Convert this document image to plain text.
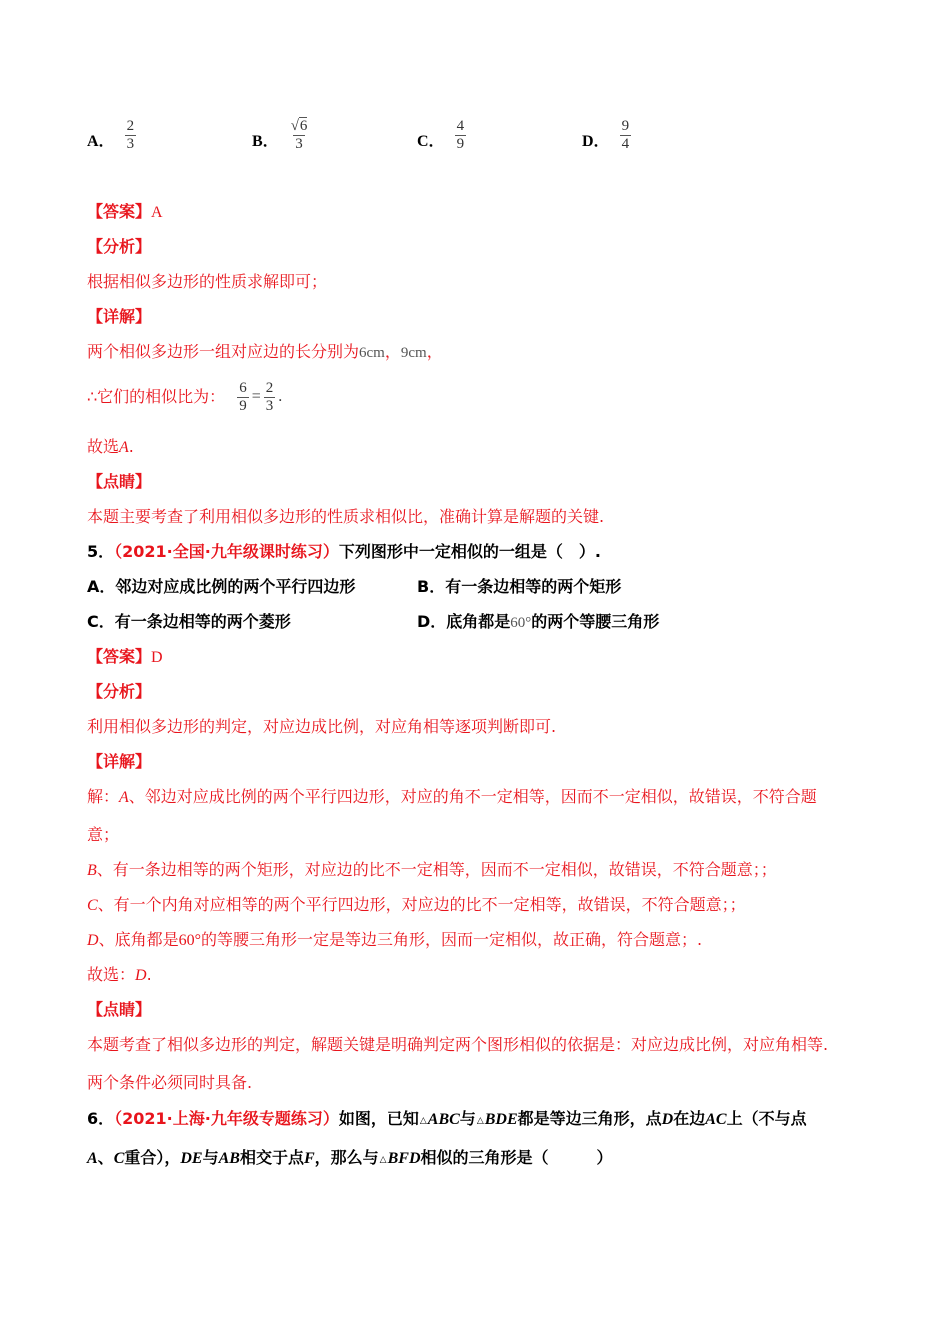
A． $\frac{2}{3}$	B． $\frac{√6}{3}$	C． $\frac{4}{9}$	D． $\frac{9}{4}$
【答案】A
【分析】
根据相似多边形的性质求解即可；
【详解】
两个相似多边形一组对应边的长分别为6cm，9cm，
∴它们的相似比为： $\frac{6}{9} = \frac{2}{3}$ .
故选A.
【点睛】
本题主要考查了利用相似多边形的性质求相似比，准确计算是解题的关键.
5．（2021·全国·九年级课时练习）下列图形中一定相似的一组是（　）.
A．邻边对应成比例的两个平行四边形	B．有一条边相等的两个矩形
C．有一条边相等的两个菱形	D．底角都是60°的两个等腰三角形
【答案】D
【分析】
利用相似多边形的判定，对应边成比例，对应角相等逐项判断即可.
【详解】
解：A、邻边对应成比例的两个平行四边形，对应的角不一定相等，因而不一定相似，故错误，不符合题
意；
B、有一条边相等的两个矩形，对应边的比不一定相等，因而不一定相似，故错误，不符合题意；；
C、有一个内角对应相等的两个平行四边形，对应边的比不一定相等，故错误，不符合题意；；
D、底角都是60°的等腰三角形一定是等边三角形，因而一定相似，故正确，符合题意；.
故选：D.
【点睛】
本题考查了相似多边形的判定，解题关键是明确判定两个图形相似的依据是：对应边成比例，对应角相等.
两个条件必须同时具备.
6．（2021·上海·九年级专题练习）如图，已知△ABC与△BDE都是等边三角形，点D在边AC上（不与点
A、C重合），DE与AB相交于点F，那么与△BFD相似的三角形是（　　　）
